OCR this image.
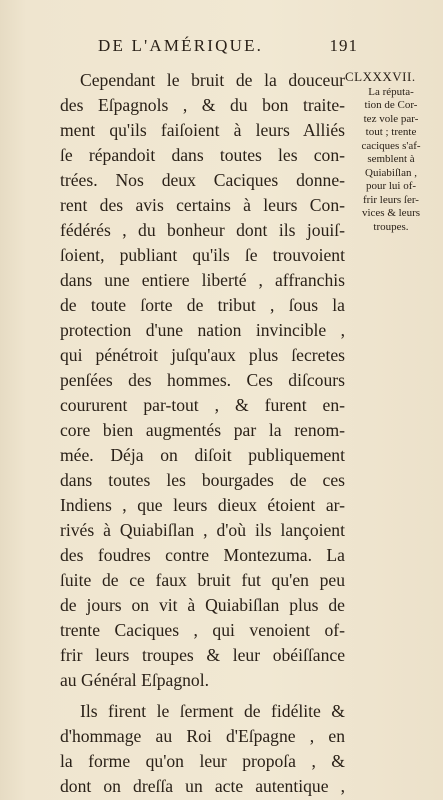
DE L'AMÉRIQUE.	191
Cependant le bruit de la douceur
des Eſpagnols , & du bon traite-
ment qu'ils faiſoient à leurs Alliés
ſe répandoit dans toutes les con-
trées. Nos deux Caciques donne-
rent des avis certains à leurs Con-
fédérés , du bonheur dont ils jouiſ-
ſoient, publiant qu'ils ſe trouvoient
dans une entiere liberté , affranchis
de toute ſorte de tribut , ſous la
protection d'une nation invincible ,
qui pénétroit juſqu'aux plus ſecretes
penſées des hommes. Ces diſcours
coururent par-tout , & furent en-
core bien augmentés par la renom-
mée. Déja on diſoit publiquement
dans toutes les bourgades de ces
Indiens , que leurs dieux étoient ar-
rivés à Quiabiſlan , d'où ils lançoient
des foudres contre Montezuma. La
ſuite de ce faux bruit fut qu'en peu
de jours on vit à Quiabiſlan plus de
trente Caciques , qui venoient of-
frir leurs troupes & leur obéiſſance
au Général Eſpagnol.
Ils firent le ſerment de fidélite &
d'hommage au Roi d'Eſpagne , en
la forme qu'on leur propoſa , &
dont on dreſſa un acte autentique ,
CLXXXVII.
La réputa-
tion de Cor-
tez vole par-
tout ; trente
caciques s'af-
semblent à
Quiabiſlan ,
pour lui of-
frir leurs ſer-
vices & leurs
troupes.
